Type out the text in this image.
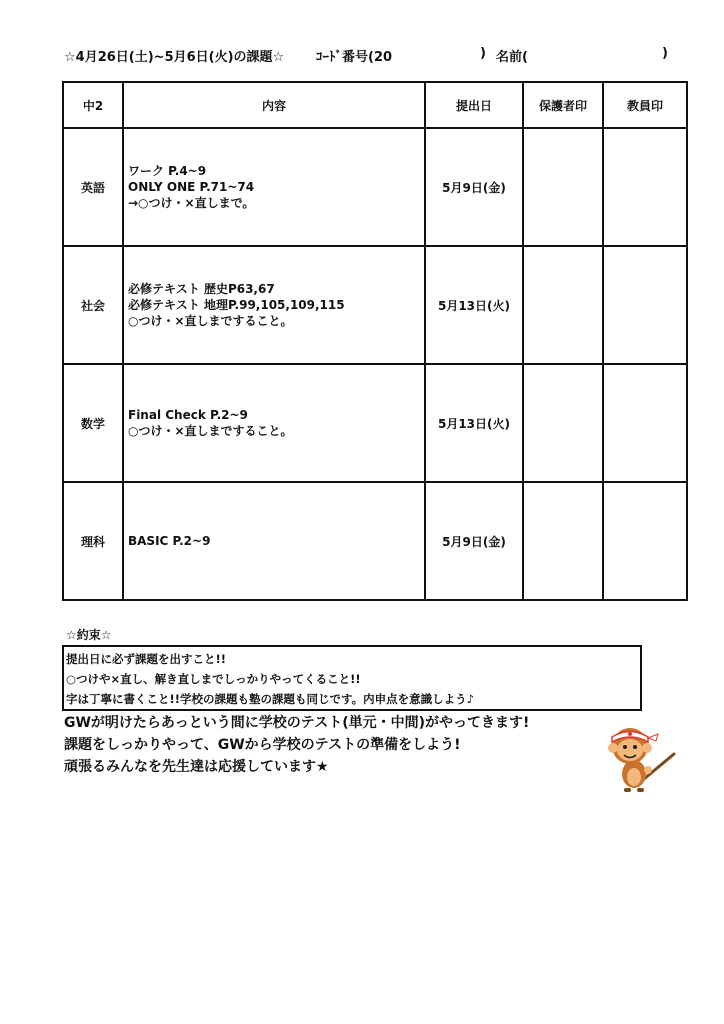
☆4月26日(土)~5月6日(火)の課題☆ ｺｰﾄﾞ番号(20	) 名前(	)
中2	内容	提出日	保護者印	教員印
英語	ワーク P.4~9
ONLY ONE P.71~74
→○つけ・×直しまで。	5月9日(金)		
社会	必修テキスト 歴史P63,67
必修テキスト 地理P.99,105,109,115
○つけ・×直しまですること。	5月13日(火)		
数学	Final Check P.2~9
○つけ・×直しまですること。	5月13日(火)		
理科	BASIC P.2~9	5月9日(金)		
☆約束☆
提出日に必ず課題を出すこと!!
○つけや×直し、解き直しまでしっかりやってくること!!
字は丁寧に書くこと!!学校の課題も塾の課題も同じです。内申点を意識しよう♪
GWが明けたらあっという間に学校のテスト(単元・中間)がやってきます!
課題をしっかりやって、GWから学校のテストの準備をしよう!
頑張るみんなを先生達は応援しています★
